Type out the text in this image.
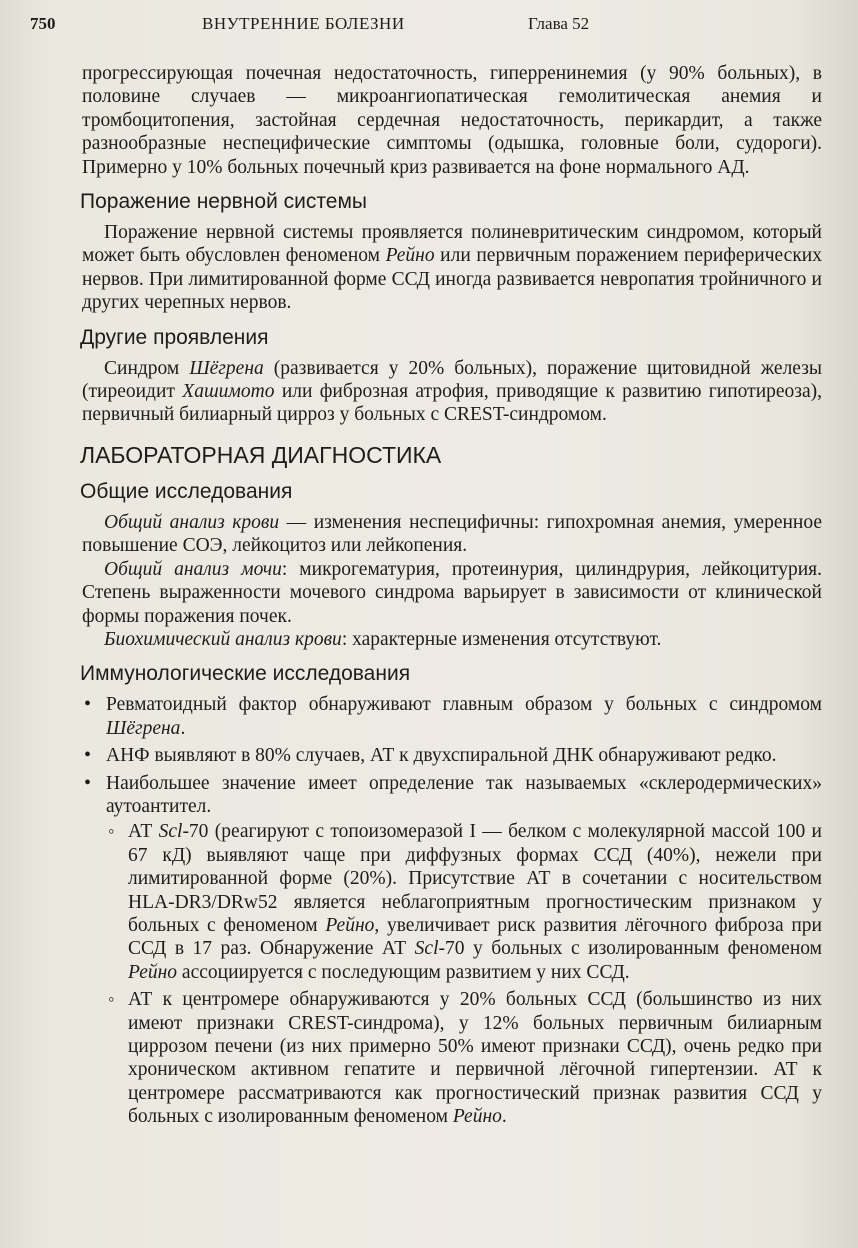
750	ВНУТРЕННИЕ БОЛЕЗНИ	Глава 52

прогрессирующая почечная недостаточность, гиперренинемия (у 90% больных), в половине случаев — микроангиопатическая гемолитическая анемия и тромбоцитопения, застойная сердечная недостаточность, перикардит, а также разнообразные неспецифические симптомы (одышка, головные боли, судороги). Примерно у 10% больных почечный криз развивается на фоне нормального АД.

Поражение нервной системы

Поражение нервной системы проявляется полиневритическим синдромом, который может быть обусловлен феноменом Рейно или первичным поражением периферических нервов. При лимитированной форме ССД иногда развивается невропатия тройничного и других черепных нервов.

Другие проявления

Синдром Шёгрена (развивается у 20% больных), поражение щитовидной железы (тиреоидит Хашимото или фиброзная атрофия, приводящие к развитию гипотиреоза), первичный билиарный цирроз у больных с CREST-синдромом.

ЛАБОРАТОРНАЯ ДИАГНОСТИКА
Общие исследования

Общий анализ крови — изменения неспецифичны: гипохромная анемия, умеренное повышение СОЭ, лейкоцитоз или лейкопения.

Общий анализ мочи: микрогематурия, протеинурия, цилиндрурия, лейкоцитурия. Степень выраженности мочевого синдрома варьирует в зависимости от клинической формы поражения почек.

Биохимический анализ крови: характерные изменения отсутствуют.

Иммунологические исследования
• Ревматоидный фактор обнаруживают главным образом у больных с синдромом Шёгрена.
• АНФ выявляют в 80% случаев, АТ к двухспиральной ДНК обнаруживают редко.
• Наибольшее значение имеет определение так называемых «склеродермических» аутоантител.
◦ АТ Scl-70 (реагируют с топоизомеразой I — белком с молекулярной массой 100 и 67 кД) выявляют чаще при диффузных формах ССД (40%), нежели при лимитированной форме (20%). Присутствие АТ в сочетании с носительством HLA-DR3/DRw52 является неблагоприятным прогностическим признаком у больных с феноменом Рейно, увеличивает риск развития лёгочного фиброза при ССД в 17 раз. Обнаружение АТ Scl-70 у больных с изолированным феноменом Рейно ассоциируется с последующим развитием у них ССД.
◦ АТ к центромере обнаруживаются у 20% больных ССД (большинство из них имеют признаки CREST-синдрома), у 12% больных первичным билиарным циррозом печени (из них примерно 50% имеют признаки ССД), очень редко при хроническом активном гепатите и первичной лёгочной гипертензии. АТ к центромере рассматриваются как прогностический признак развития ССД у больных с изолированным феноменом Рейно.
